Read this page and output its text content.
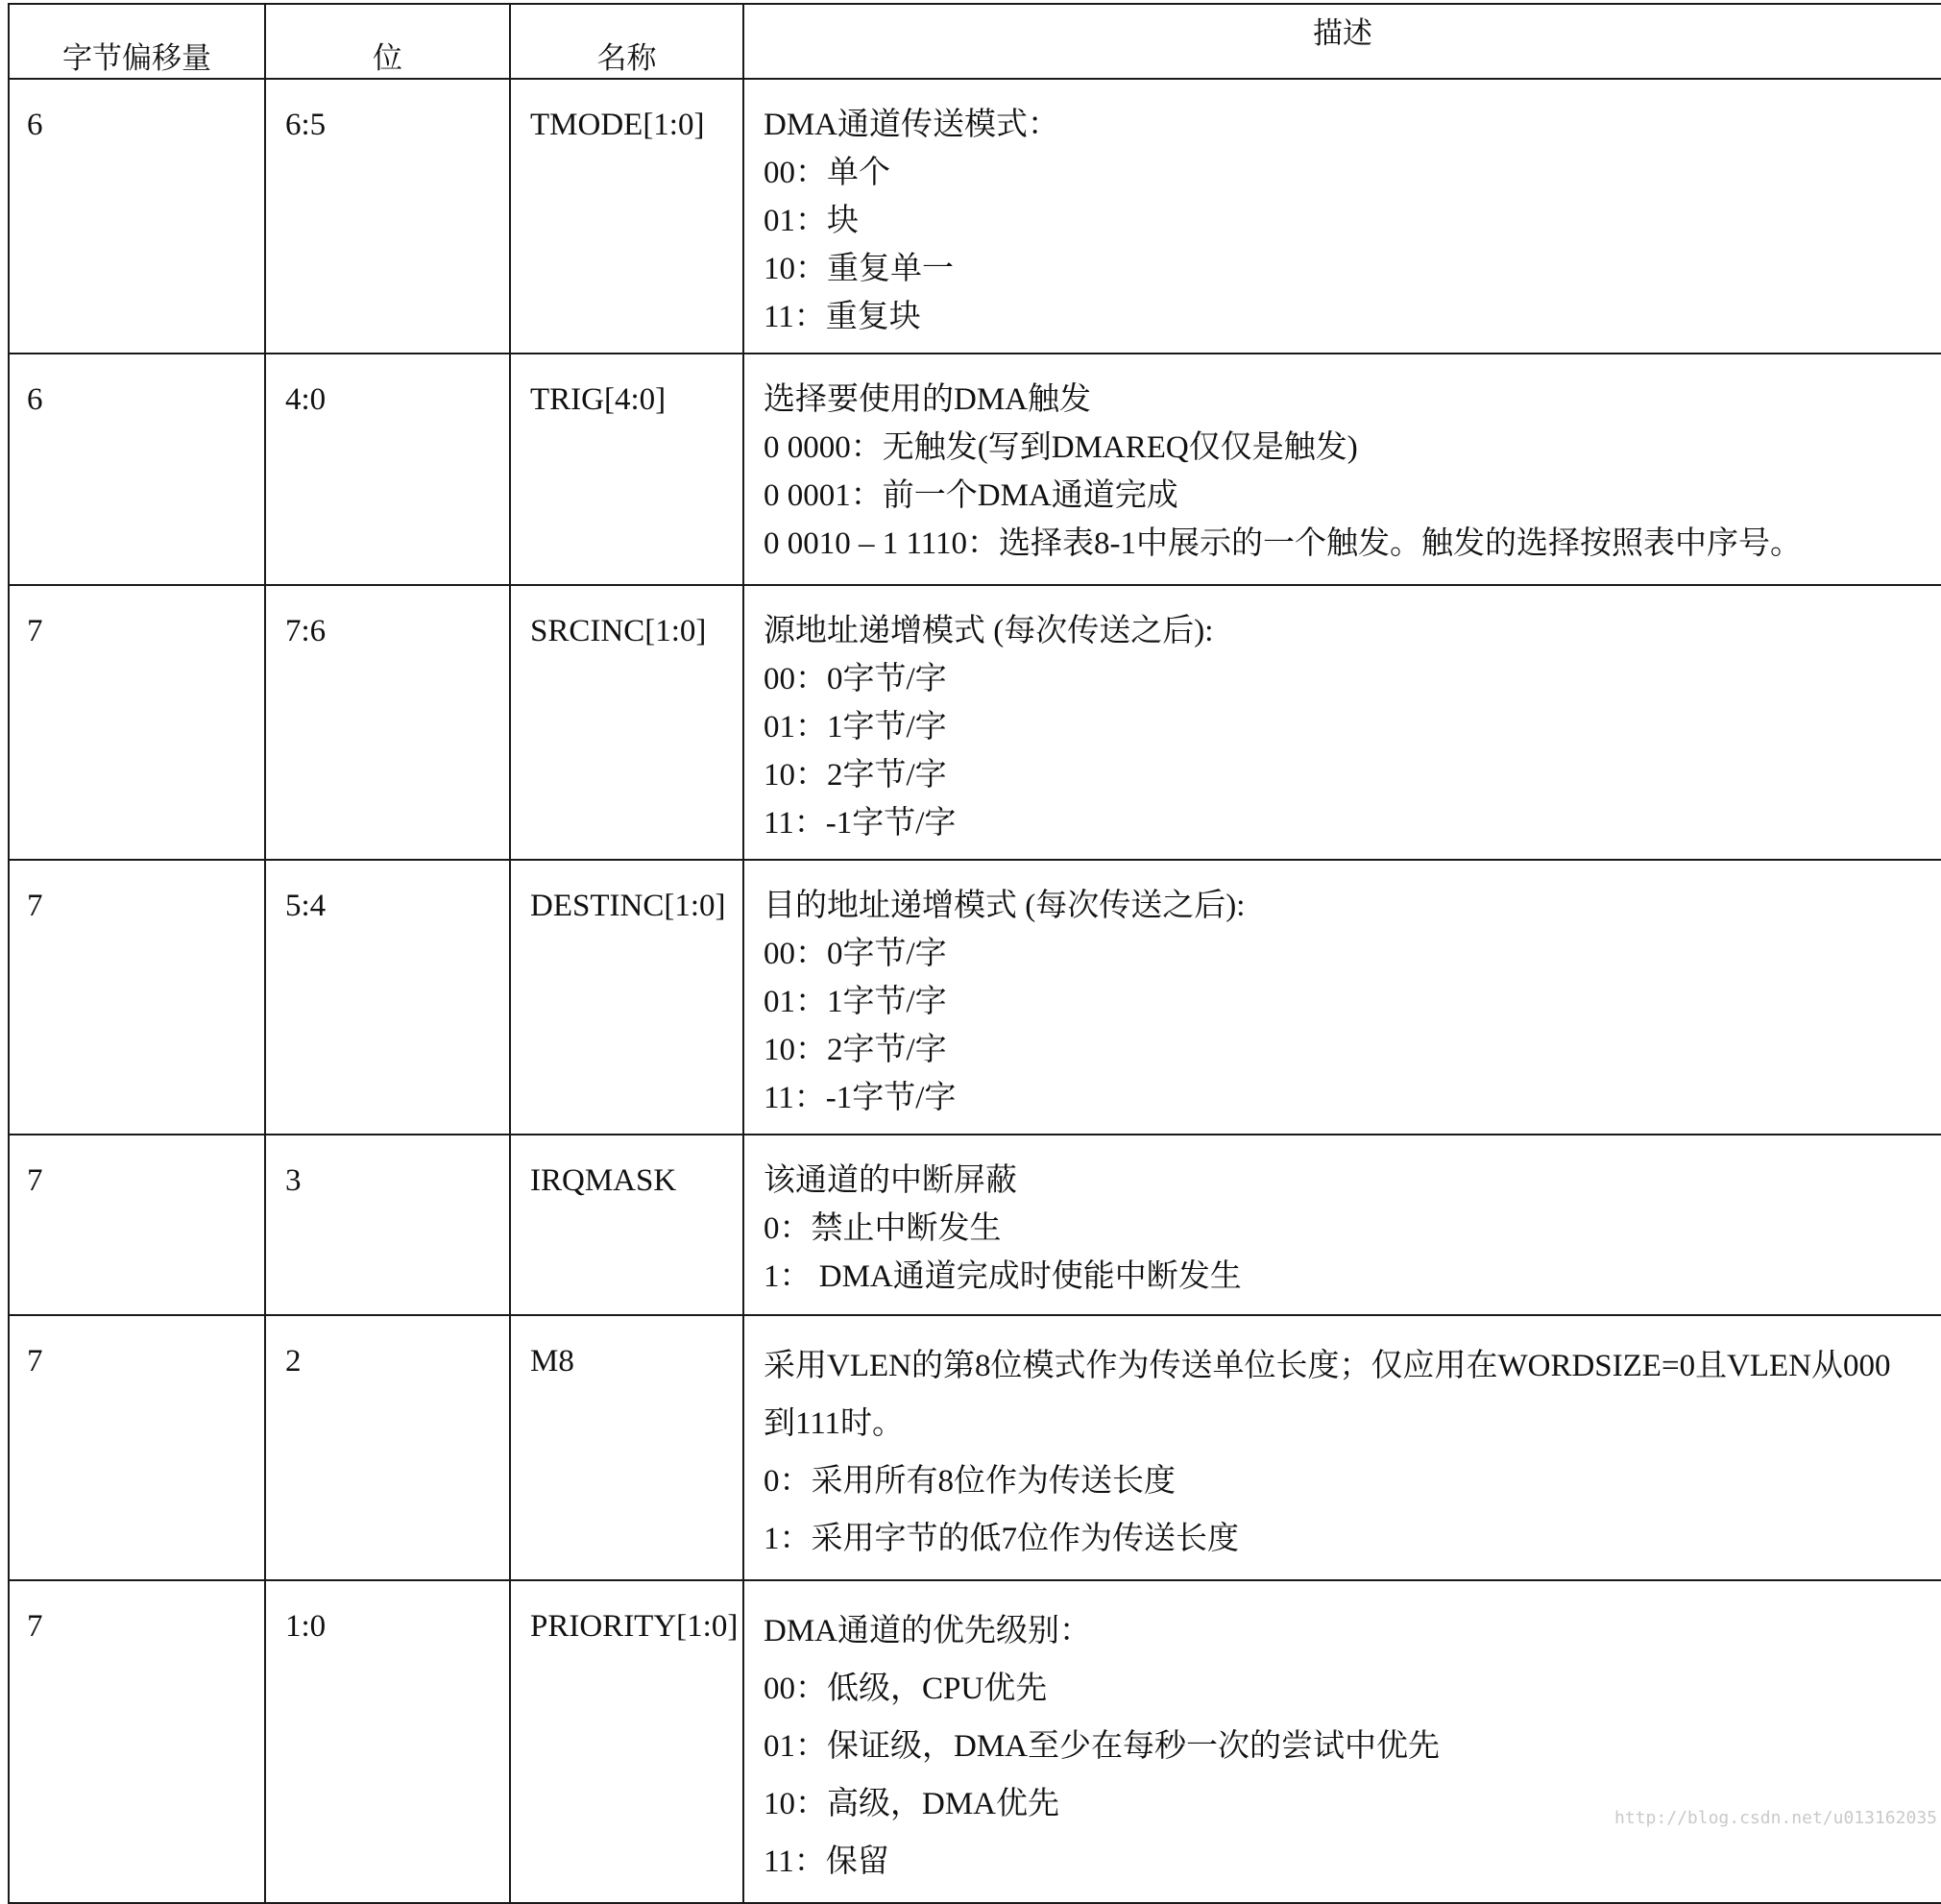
字节偏移量	位	名称	描述
6	6:5	TMODE[1:0]	DMA通道传送模式：
00：单个
01：块
10：重复单一
11：重复块

6	4:0	TRIG[4:0]	选择要使用的DMA触发
0 0000：无触发(写到DMAREQ仅仅是触发)
0 0001：前一个DMA通道完成
0 0010 – 1 1110：选择表8-1中展示的一个触发。触发的选择按照表中序号。

7	7:6	SRCINC[1:0]	源地址递增模式 (每次传送之后):
00：0字节/字
01：1字节/字
10：2字节/字
11：-1字节/字

7	5:4	DESTINC[1:0]	目的地址递增模式 (每次传送之后):
00：0字节/字
01：1字节/字
10：2字节/字
11：-1字节/字

7	3	IRQMASK	该通道的中断屏蔽
0：禁止中断发生
1： DMA通道完成时使能中断发生

7	2	M8	采用VLEN的第8位模式作为传送单位长度；仅应用在WORDSIZE=0且VLEN从000
到111时。
0：采用所有8位作为传送长度
1：采用字节的低7位作为传送长度

7	1:0	PRIORITY[1:0]	DMA通道的优先级别：
00：低级，CPU优先
01：保证级，DMA至少在每秒一次的尝试中优先
10：高级，DMA优先
11：保留
http://blog.csdn.net/u013162035
